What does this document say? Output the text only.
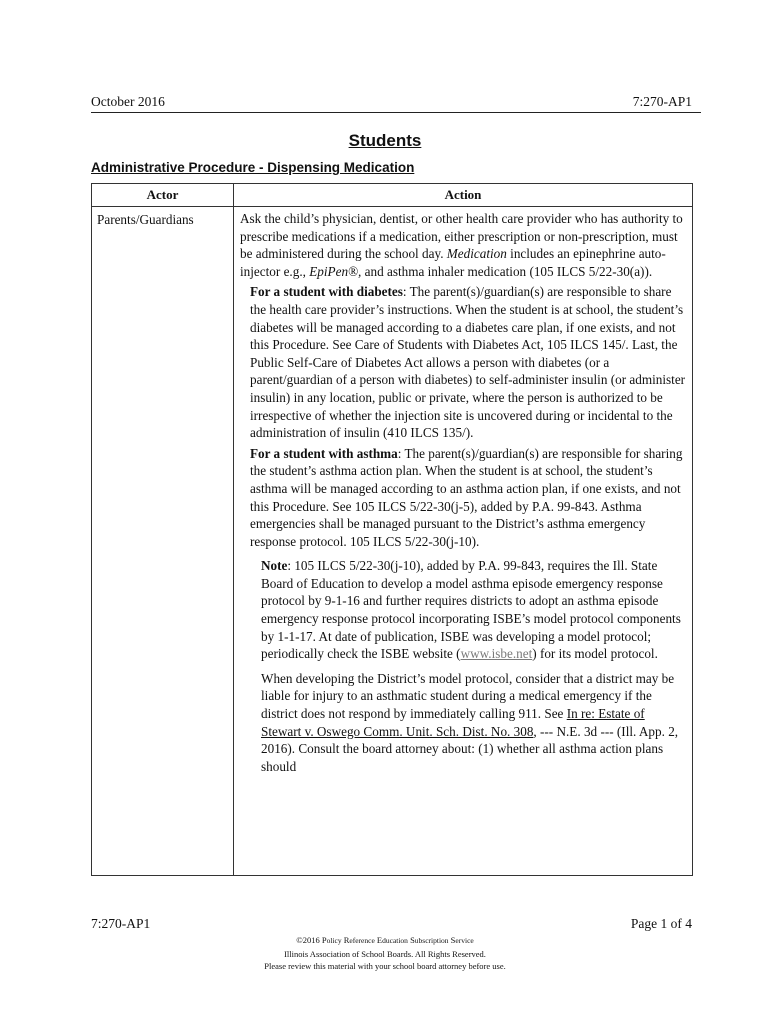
October 2016	7:270-AP1
Students
Administrative Procedure - Dispensing Medication
Actor	Action
Parents/Guardians	Ask the child’s physician, dentist, or other health care provider who has authority to prescribe medications if a medication, either prescription or non-prescription, must be administered during the school day. Medication includes an epinephrine auto-injector e.g., EpiPen®, and asthma inhaler medication (105 ILCS 5/22-30(a)).

For a student with diabetes: The parent(s)/guardian(s) are responsible to share the health care provider’s instructions. When the student is at school, the student’s diabetes will be managed according to a diabetes care plan, if one exists, and not this Procedure. See Care of Students with Diabetes Act, 105 ILCS 145/. Last, the Public Self-Care of Diabetes Act allows a person with diabetes (or a parent/guardian of a person with diabetes) to self-administer insulin (or administer insulin) in any location, public or private, where the person is authorized to be irrespective of whether the injection site is uncovered during or incidental to the administration of insulin (410 ILCS 135/).

For a student with asthma: The parent(s)/guardian(s) are responsible for sharing the student’s asthma action plan. When the student is at school, the student’s asthma will be managed according to an asthma action plan, if one exists, and not this Procedure. See 105 ILCS 5/22-30(j-5), added by P.A. 99-843. Asthma emergencies shall be managed pursuant to the District’s asthma emergency response protocol. 105 ILCS 5/22-30(j-10).

Note: 105 ILCS 5/22-30(j-10), added by P.A. 99-843, requires the Ill. State Board of Education to develop a model asthma episode emergency response protocol by 9-1-16 and further requires districts to adopt an asthma episode emergency response protocol incorporating ISBE’s model protocol components by 1-1-17. At date of publication, ISBE was developing a model protocol; periodically check the ISBE website (www.isbe.net) for its model protocol.

When developing the District’s model protocol, consider that a district may be liable for injury to an asthmatic student during a medical emergency if the district does not respond by immediately calling 911. See In re: Estate of Stewart v. Oswego Comm. Unit. Sch. Dist. No. 308, --- N.E. 3d --- (Ill. App. 2, 2016). Consult the board attorney about: (1) whether all asthma action plans should

7:270-AP1	Page 1 of 4
©2016 Policy Reference Education Subscription Service
Illinois Association of School Boards. All Rights Reserved.
Please review this material with your school board attorney before use.
